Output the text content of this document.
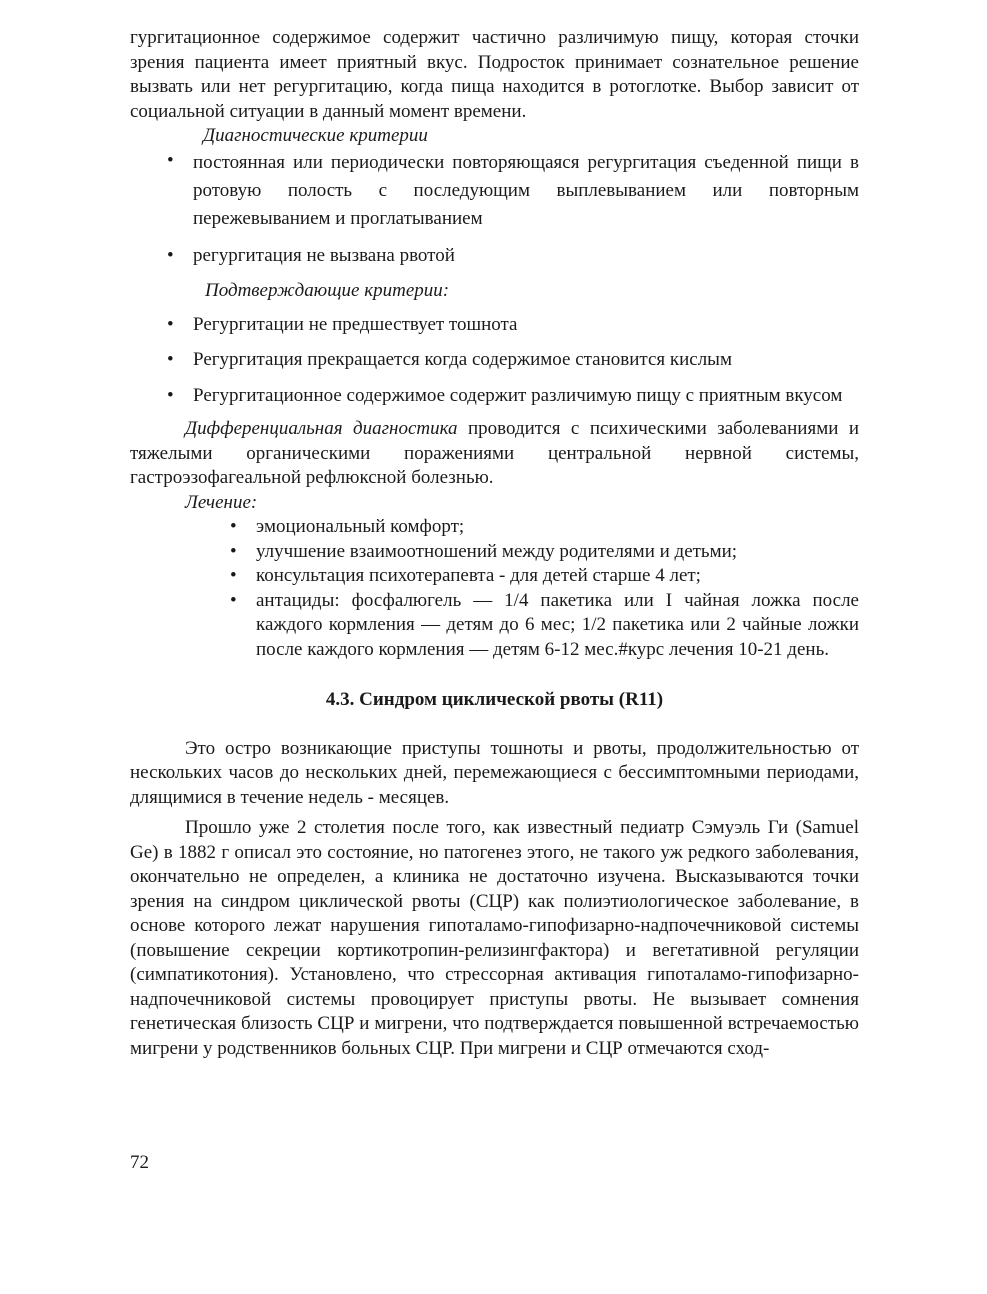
гургитационное содержимое содержит частично различимую пищу, которая сточки зрения пациента имеет приятный вкус. Подросток принимает сознательное решение вызвать или нет регургитацию, когда пища находится в ротоглотке. Выбор зависит от социальной ситуации в данный момент времени.

Диагностические критерии

• постоянная или периодически повторяющаяся регургитация съеденной пищи в ротовую полость с последующим выплевыванием или повторным пережевыванием и проглатыванием
• регургитация не вызвана рвотой

Подтверждающие критерии:

• Регургитации не предшествует тошнота
• Регургитация прекращается когда содержимое становится кислым
• Регургитационное содержимое содержит различимую пищу с приятным вкусом

Дифференциальная диагностика проводится с психическими заболеваниями и тяжелыми органическими поражениями центральной нервной системы, гастроэзофагеальной рефлюксной болезнью.

Лечение:

• эмоциональный комфорт;
• улучшение взаимоотношений между родителями и детьми;
• консультация психотерапевта - для детей старше 4 лет;
• антациды: фосфалюгель — 1/4 пакетика или I чайная ложка после каждого кормления — детям до 6 мес; 1/2 пакетика или 2 чайные ложки после каждого кормления — детям 6-12 мес.#курс лечения 10-21 день.

4.3. Синдром циклической рвоты (R11)

Это остро возникающие приступы тошноты и рвоты, продолжительностью от нескольких часов до нескольких дней, перемежающиеся с бессимптомными периодами, длящимися в течение недель - месяцев.

Прошло уже 2 столетия после того, как известный педиатр Сэмуэль Ги (Samuel Ge) в 1882 г описал это состояние, но патогенез этого, не такого уж редкого заболевания, окончательно не определен, а клиника не достаточно изучена. Высказываются точки зрения на синдром циклической рвоты (СЦР) как полиэтиологическое заболевание, в основе которого лежат нарушения гипоталамо-гипофизарно-надпочечниковой системы (повышение секреции кортикотропин-релизингфактора) и вегетативной регуляции (симпатикотония). Установлено, что стрессорная активация гипоталамо-гипофизарно-надпочечниковой системы провоцирует приступы рвоты. Не вызывает сомнения генетическая близость СЦР и мигрени, что подтверждается повышенной встречаемостью мигрени у родственников больных СЦР. При мигрени и СЦР отмечаются сход-

72
